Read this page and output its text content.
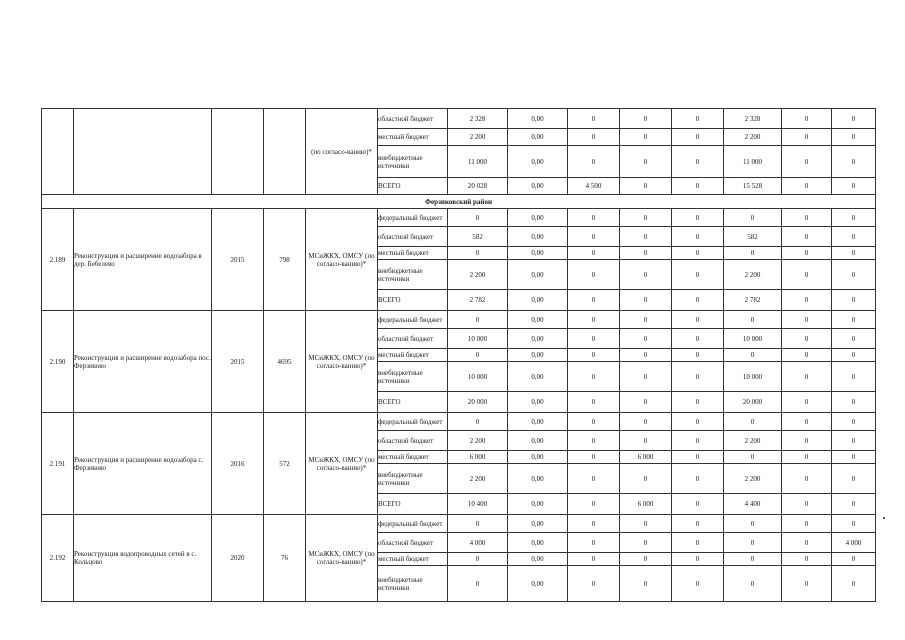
				(по согласо-ванию)*	областной бюджет	2 328	0,00	0	0	0	2 328	0	0
					местный бюджет	2 200	0,00	0	0	0	2 200	0	0
					внебюджетные источники	11 000	0,00	0	0	0	11 000	0	0
					ВСЕГО	20 028	0,00	4 500	0	0	15 528	0	0
Ферзиковский район													
2.189	Реконструкция и расширение водозабора в дер. Бебелево	2015	798	МСиЖКХ, ОМСУ (по согласо-ванию)*	федеральный бюджет	0	0,00	0	0	0	0	0	0
					областной бюджет	582	0,00	0	0	0	582	0	0
					местный бюджет	0	0,00	0	0	0	0	0	0
					внебюджетные источники	2 200	0,00	0	0	0	2 200	0	0
					ВСЕГО	2 782	0,00	0	0	0	2 782	0	0
2.190	Реконструкция и расширение водозабора пос. Ферзиково	2015	4695	МСиЖКХ, ОМСУ (по согласо-ванию)*	федеральный бюджет	0	0,00	0	0	0	0	0	0
					областной бюджет	10 000	0,00	0	0	0	10 000	0	0
					местный бюджет	0	0,00	0	0	0	0	0	0
					внебюджетные источники	10 000	0,00	0	0	0	10 000	0	0
					ВСЕГО	20 000	0,00	0	0	0	20 000	0	0
2.191	Реконструкция и расширение водозабора с. Ферзиково	2016	572	МСиЖКХ, ОМСУ (по согласо-ванию)*	федеральный бюджет	0	0,00	0	0	0	0	0	0
					областной бюджет	2 200	0,00	0	0	0	2 200	0	0
					местный бюджет	6 000	0,00	0	6 000	0	0	0	0
					внебюджетные источники	2 200	0,00	0	0	0	2 200	0	0
					ВСЕГО	10 400	0,00	0	6 000	0	4 400	0	0
2.192	Реконструкция водопроводных сетей в с. Кольцово	2020	76	МСиЖКХ, ОМСУ (по согласо-ванию)*	федеральный бюджет	0	0,00	0	0	0	0	0	0
					областной бюджет	4 000	0,00	0	0	0	0	0	4 000
					местный бюджет	0	0,00	0	0	0	0	0	0
					внебюджетные источники	0	0,00	0	0	0	0	0	0
